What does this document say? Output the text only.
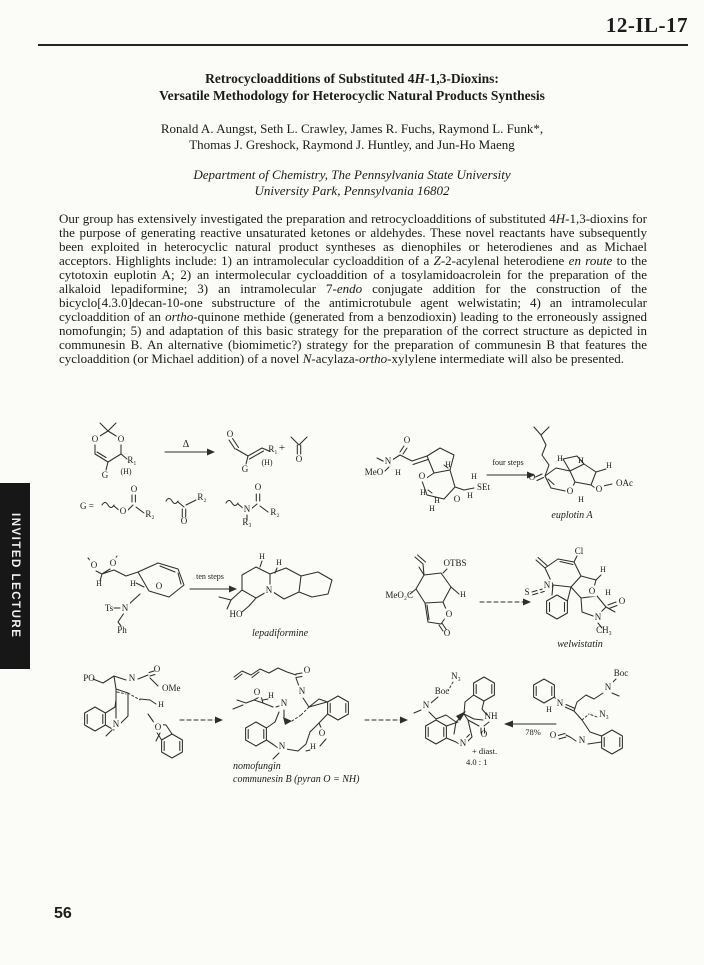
12-IL-17
Retrocycloadditions of Substituted 4H-1,3-Dioxins:
Versatile Methodology for Heterocyclic Natural Products Synthesis
Ronald A. Aungst, Seth L. Crawley, James R. Fuchs, Raymond L. Funk*,
Thomas J. Greshock, Raymond J. Huntley, and Jun-Ho Maeng
Department of Chemistry, The Pennsylvania State University
University Park, Pennsylvania 16802
Our group has extensively investigated the preparation and retrocycloadditions of substituted 4H-1,3-dioxins for the purpose of generating reactive unsaturated ketones or aldehydes. These novel reactants have subsequently been exploited in heterocyclic natural product syntheses as dienophiles or heterodienes and as Michael acceptors. Highlights include: 1) an intramolecular cycloaddition of a Z-2-acylenal heterodiene en route to the cytotoxin euplotin A; 2) an intermolecular cycloaddition of a tosylamidoacrolein for the preparation of the alkaloid lepadiformine; 3) an intramolecular 7-endo conjugate addition for the construction of the bicyclo[4.3.0]decan-10-one substructure of the antimicrotubule agent welwistatin; 4) an intramolecular cycloaddition of an ortho-quinone methide (generated from a benzodioxin) leading to the erroneously assigned nomofungin; 5) and adaptation of this basic strategy for the preparation of the correct structure as depicted in communesin B. An alternative (biomimetic?) strategy for the preparation of communesin B that features the cycloaddition (or Michael addition) of a novel N-acylaza-ortho-xylylene intermediate will also be presented.
O O
R₁
(H)
G
Δ
O
G
R₁
(H)
+
O
G =	O
O
R₂
O
R₂
N
R₃
O
R₂
MeO
N
O
H O
H
H
SEt
H
H O H
H
four steps
O
H H
H
O
H
O
OAc
euplotin A
O O
H	H O
Ts N
Ph
ten steps
H
H
N
HO
lepadiformine
OTBS
MeO₂C	H
O
O
Cl
S
N
H
O H
O
N
CH₃
welwistatin
PO	N
O
OMe
H
N	O
O H
O
N
N
N	H
O
nomofungin
communesin B (pyran O = NH)
N₃
Boc
N
NH
O
N
+ diast.
4.0 : 1
78%
Boc
N
H
N
N₃
O	N
INVITED LECTURE
56
